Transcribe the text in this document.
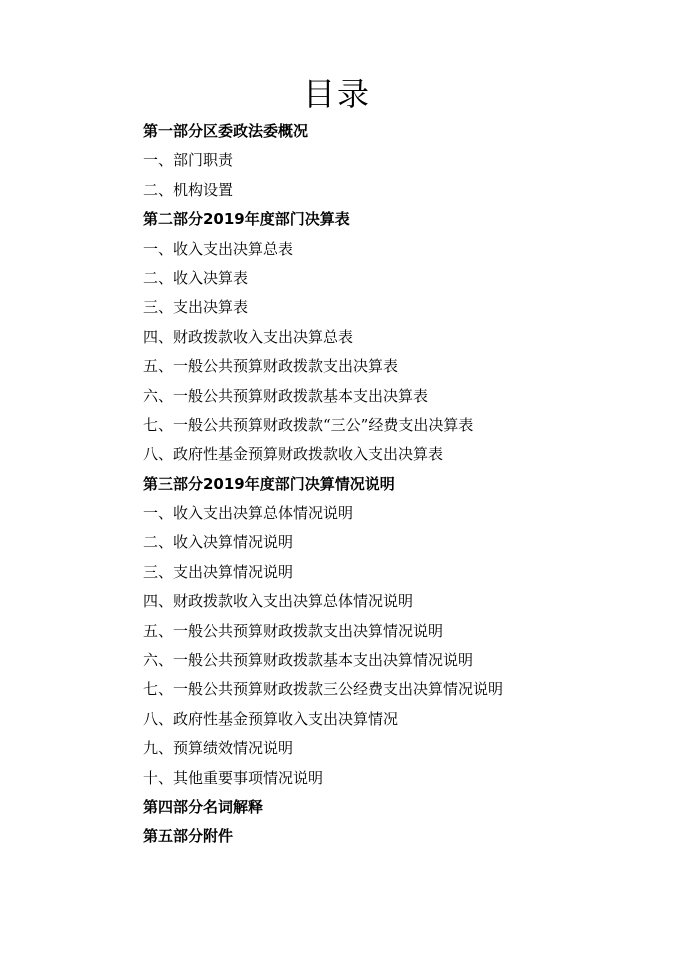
目录
第一部分区委政法委概况
一、部门职责
二、机构设置
第二部分2019年度部门决算表
一、收入支出决算总表
二、收入决算表
三、支出决算表
四、财政拨款收入支出决算总表
五、一般公共预算财政拨款支出决算表
六、一般公共预算财政拨款基本支出决算表
七、一般公共预算财政拨款“三公”经费支出决算表
八、政府性基金预算财政拨款收入支出决算表
第三部分2019年度部门决算情况说明
一、收入支出决算总体情况说明
二、收入决算情况说明
三、支出决算情况说明
四、财政拨款收入支出决算总体情况说明
五、一般公共预算财政拨款支出决算情况说明
六、一般公共预算财政拨款基本支出决算情况说明
七、一般公共预算财政拨款三公经费支出决算情况说明
八、政府性基金预算收入支出决算情况
九、预算绩效情况说明
十、其他重要事项情况说明
第四部分名词解释
第五部分附件
